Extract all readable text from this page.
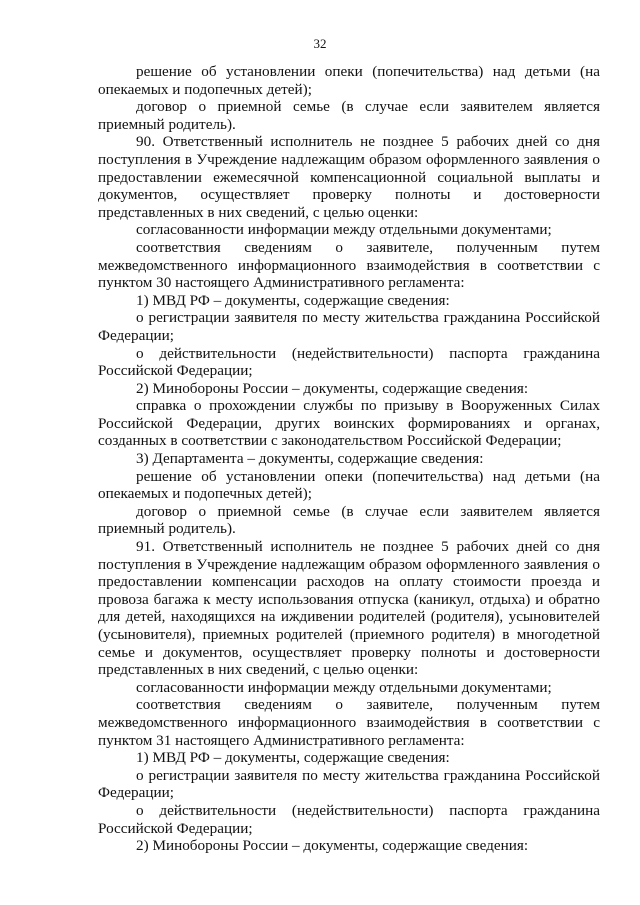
32

решение об установлении опеки (попечительства) над детьми (на опекаемых и подопечных детей);

договор о приемной семье (в случае если заявителем является приемный родитель).

90. Ответственный исполнитель не позднее 5 рабочих дней со дня поступления в Учреждение надлежащим образом оформленного заявления о предоставлении ежемесячной компенсационной социальной выплаты и документов, осуществляет проверку полноты и достоверности представленных в них сведений, с целью оценки:

согласованности информации между отдельными документами;

соответствия сведениям о заявителе, полученным путем межведомственного информационного взаимодействия в соответствии с пунктом 30 настоящего Административного регламента:

1) МВД РФ – документы, содержащие сведения:

о регистрации заявителя по месту жительства гражданина Российской Федерации;

о действительности (недействительности) паспорта гражданина Российской Федерации;

2) Минобороны России – документы, содержащие сведения:

справка о прохождении службы по призыву в Вооруженных Силах Российской Федерации, других воинских формированиях и органах, созданных в соответствии с законодательством Российской Федерации;

3) Департамента – документы, содержащие сведения:

решение об установлении опеки (попечительства) над детьми (на опекаемых и подопечных детей);

договор о приемной семье (в случае если заявителем является приемный родитель).

91. Ответственный исполнитель не позднее 5 рабочих дней со дня поступления в Учреждение надлежащим образом оформленного заявления о предоставлении компенсации расходов на оплату стоимости проезда и провоза багажа к месту использования отпуска (каникул, отдыха) и обратно для детей, находящихся на иждивении родителей (родителя), усыновителей (усыновителя), приемных родителей (приемного родителя) в многодетной семье и документов, осуществляет проверку полноты и достоверности представленных в них сведений, с целью оценки:

согласованности информации между отдельными документами;

соответствия сведениям о заявителе, полученным путем межведомственного информационного взаимодействия в соответствии с пунктом 31 настоящего Административного регламента:

1) МВД РФ – документы, содержащие сведения:

о регистрации заявителя по месту жительства гражданина Российской Федерации;

о действительности (недействительности) паспорта гражданина Российской Федерации;

2) Минобороны России – документы, содержащие сведения:
